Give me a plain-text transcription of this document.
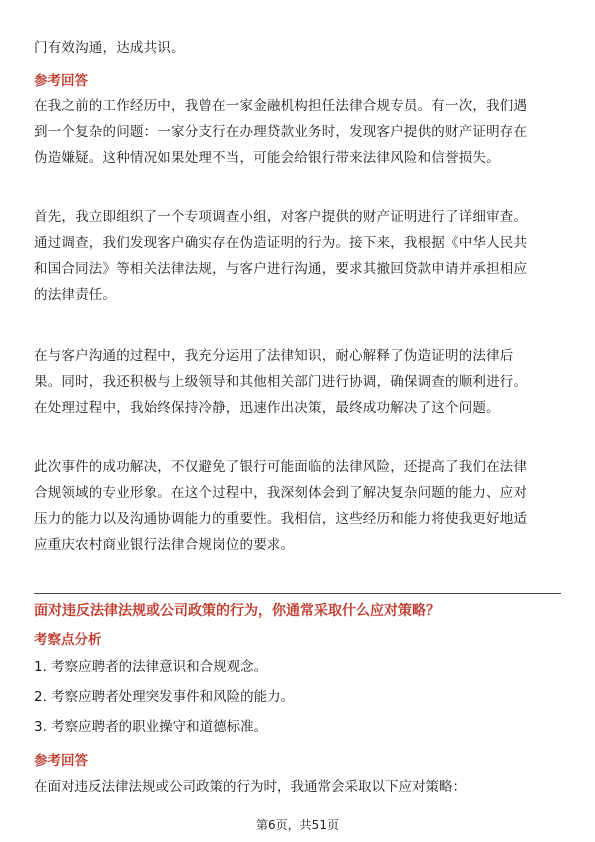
门有效沟通，达成共识。

参考回答

在我之前的工作经历中，我曾在一家金融机构担任法律合规专员。有一次，我们遇

到一个复杂的问题：一家分支行在办理贷款业务时，发现客户提供的财产证明存在

伪造嫌疑。这种情况如果处理不当，可能会给银行带来法律风险和信誉损失。

首先，我立即组织了一个专项调查小组，对客户提供的财产证明进行了详细审查。

通过调查，我们发现客户确实存在伪造证明的行为。接下来，我根据《中华人民共

和国合同法》等相关法律法规，与客户进行沟通，要求其撤回贷款申请并承担相应

的法律责任。

在与客户沟通的过程中，我充分运用了法律知识，耐心解释了伪造证明的法律后

果。同时，我还积极与上级领导和其他相关部门进行协调，确保调查的顺利进行。

在处理过程中，我始终保持冷静，迅速作出决策，最终成功解决了这个问题。

此次事件的成功解决，不仅避免了银行可能面临的法律风险，还提高了我们在法律

合规领域的专业形象。在这个过程中，我深刻体会到了解决复杂问题的能力、应对

压力的能力以及沟通协调能力的重要性。我相信，这些经历和能力将使我更好地适

应重庆农村商业银行法律合规岗位的要求。

面对违反法律法规或公司政策的行为，你通常采取什么应对策略？

考察点分析

1. 考察应聘者的法律意识和合规观念。

2. 考察应聘者处理突发事件和风险的能力。

3. 考察应聘者的职业操守和道德标准。

参考回答

在面对违反法律法规或公司政策的行为时，我通常会采取以下应对策略：

第6页，共51页
